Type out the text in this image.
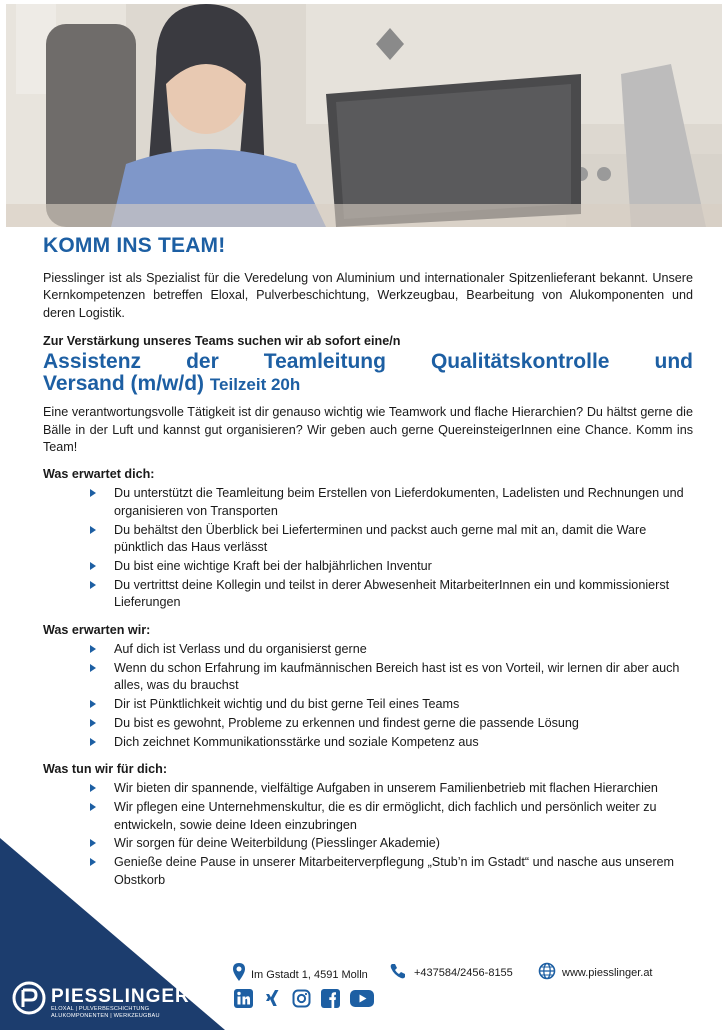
KOMM INS TEAM!

Piesslinger ist als Spezialist für die Veredelung von Aluminium und internationaler Spitzenlieferant bekannt. Unsere Kernkompetenzen betreffen Eloxal, Pulverbeschichtung, Werkzeugbau, Bearbeitung von Alukomponenten und deren Logistik.

Zur Verstärkung unseres Teams suchen wir ab sofort eine/n
Assistenz der Teamleitung Qualitätskontrolle und
Versand (m/w/d) Teilzeit 20h

Eine verantwortungsvolle Tätigkeit ist dir genauso wichtig wie Teamwork und flache Hierarchien? Du hältst gerne die Bälle in der Luft und kannst gut organisieren? Wir geben auch gerne QuereinsteigerInnen eine Chance. Komm ins Team!

Was erwartet dich:
Du unterstützt die Teamleitung beim Erstellen von Lieferdokumenten, Ladelisten und Rechnungen und organisieren von Transporten
Du behältst den Überblick bei Lieferterminen und packst auch gerne mal mit an, damit die Ware pünktlich das Haus verlässt
Du bist eine wichtige Kraft bei der halbjährlichen Inventur
Du vertrittst deine Kollegin und teilst in derer Abwesenheit MitarbeiterInnen ein und kommissionierst Lieferungen
Was erwarten wir:
Auf dich ist Verlass und du organisierst gerne
Wenn du schon Erfahrung im kaufmännischen Bereich hast ist es von Vorteil, wir lernen dir aber auch alles, was du brauchst
Dir ist Pünktlichkeit wichtig und du bist gerne Teil eines Teams
Du bist es gewohnt, Probleme zu erkennen und findest gerne die passende Lösung
Dich zeichnet Kommunikationsstärke und soziale Kompetenz aus
Was tun wir für dich:
Wir bieten dir spannende, vielfältige Aufgaben in unserem Familienbetrieb mit flachen Hierarchien
Wir pflegen eine Unternehmenskultur, die es dir ermöglicht, dich fachlich und persönlich weiter zu entwickeln, sowie deine Ideen einzubringen
Wir sorgen für deine Weiterbildung (Piesslinger Akademie)
Genieße deine Pause in unserer Mitarbeiterverpflegung „Stub’n im Gstadt“ und nasche aus unserem Obstkorb
PIESSLINGER
ELOXAL | PULVERBESCHICHTUNG
ALUKOMPONENTEN | WERKZEUGBAU
Im Gstadt 1, 4591 Molln	+437584/2456-8155	www.piesslinger.at
